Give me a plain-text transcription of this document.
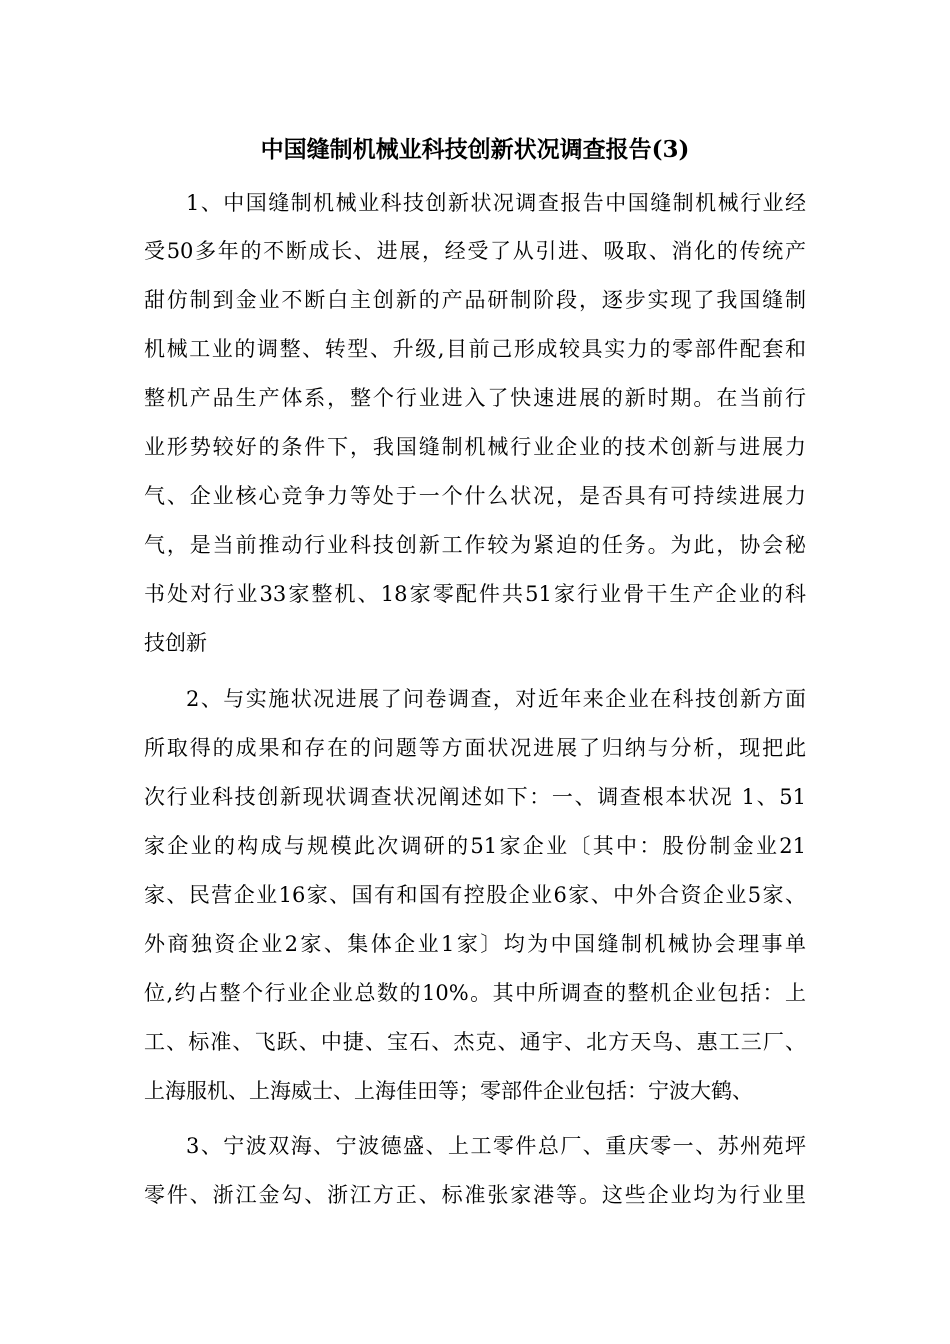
中国缝制机械业科技创新状况调查报告(3)
1、中国缝制机械业科技创新状况调查报告中国缝制机械行业经
受50多年的不断成长、进展，经受了从引进、吸取、消化的传统产
甜仿制到金业不断白主创新的产品研制阶段，逐步实现了我国缝制
机械工业的调整、转型、升级,目前己形成较具实力的零部件配套和
整机产品生产体系，整个行业进入了快速进展的新时期。在当前行
业形势较好的条件下，我国缝制机械行业企业的技术创新与进展力
气、企业核心竞争力等处于一个什么状况，是否具有可持续进展力
气，是当前推动行业科技创新工作较为紧迫的任务。为此，协会秘
书处对行业33家整机、18家零配件共51家行业骨干生产企业的科
技创新
2、与实施状况进展了问卷调查，对近年来企业在科技创新方面
所取得的成果和存在的问题等方面状况进展了归纳与分析，现把此
次行业科技创新现状调查状况阐述如下：一、调查根本状况 1、51
家企业的构成与规模此次调研的51家企业〔其中：股份制金业21
家、民营企业16家、国有和国有控股企业6家、中外合资企业5家、
外商独资企业2家、集体企业1家〕均为中国缝制机械协会理事单
位,约占整个行业企业总数的10%。其中所调查的整机企业包括：上
工、标准、飞跃、中捷、宝石、杰克、通宇、北方天鸟、惠工三厂、
上海服机、上海威士、上海佳田等；零部件企业包括：宁波大鹤、
3、宁波双海、宁波德盛、上工零件总厂、重庆零一、苏州苑坪
零件、浙江金勾、浙江方正、标准张家港等。这些企业均为行业里
